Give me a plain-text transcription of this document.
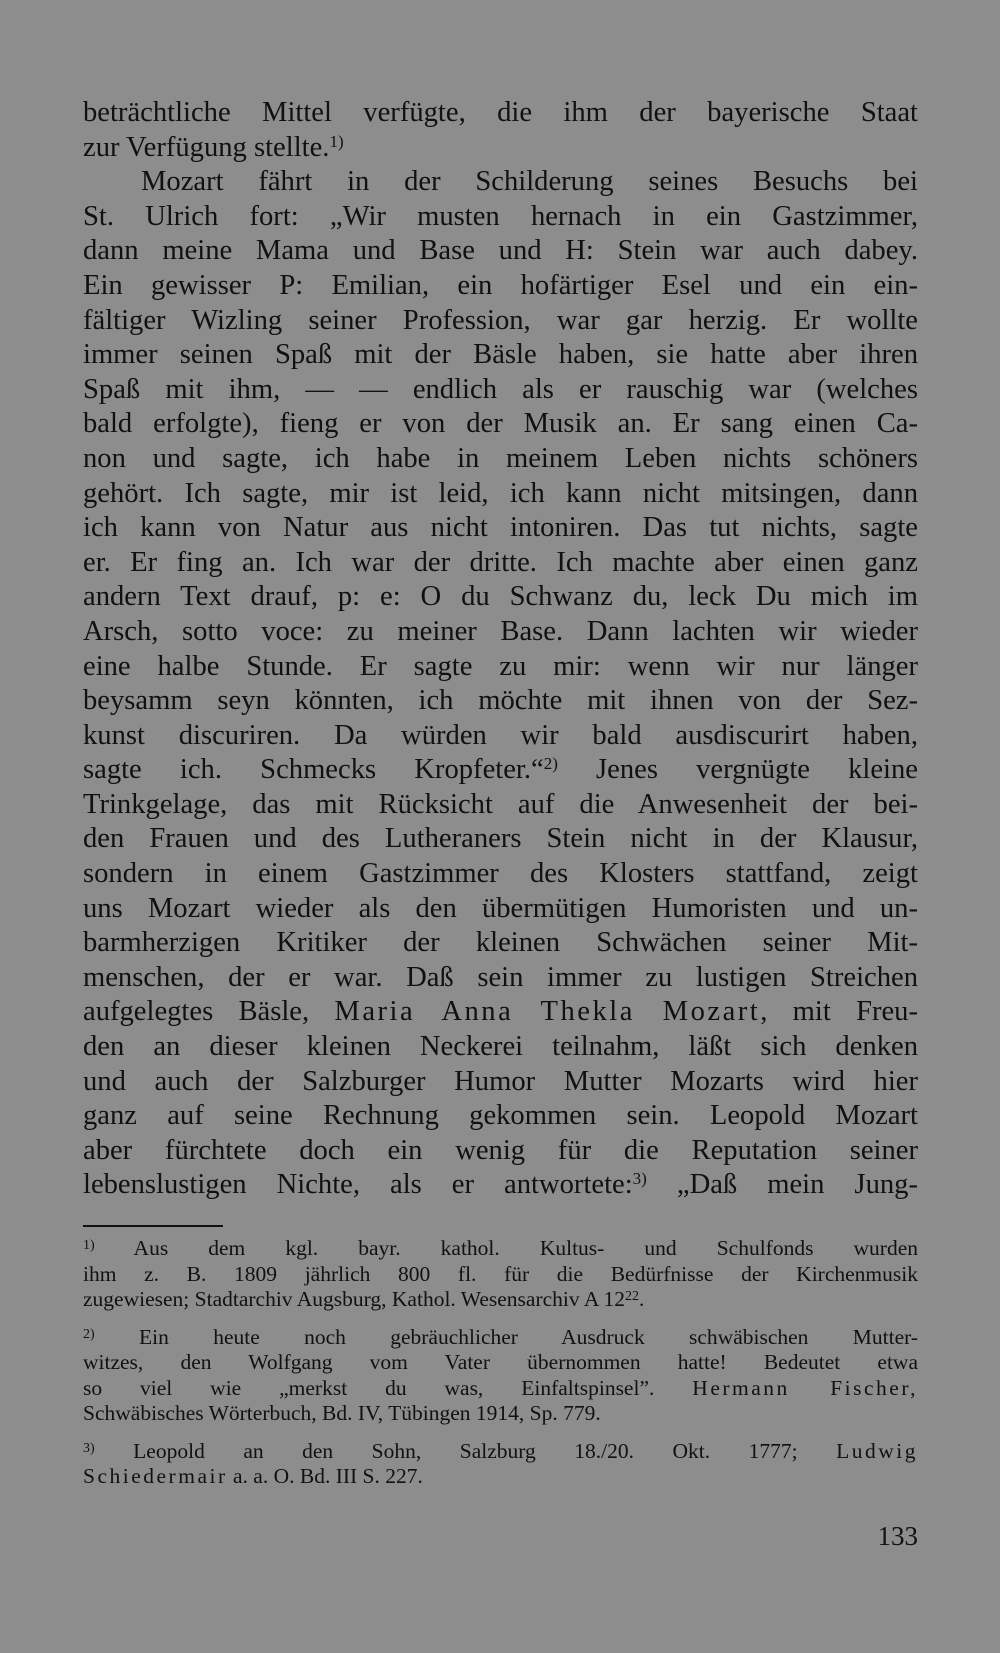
beträchtliche Mittel verfügte, die ihm der bayerische Staat
zur Verfügung stellte.$^{1)}$
Mozart fährt in der Schilderung seines Besuchs bei
St. Ulrich fort: „Wir musten hernach in ein Gastzimmer,
dann meine Mama und Base und H: Stein war auch dabey.
Ein gewisser P: Emilian, ein hofärtiger Esel und ein ein-
fältiger Wizling seiner Profession, war gar herzig. Er wollte
immer seinen Spaß mit der Bäsle haben, sie hatte aber ihren
Spaß mit ihm, — — endlich als er rauschig war (welches
bald erfolgte), fieng er von der Musik an. Er sang einen Ca-
non und sagte, ich habe in meinem Leben nichts schöners
gehört. Ich sagte, mir ist leid, ich kann nicht mitsingen, dann
ich kann von Natur aus nicht intoniren. Das tut nichts, sagte
er. Er fing an. Ich war der dritte. Ich machte aber einen ganz
andern Text drauf, p: e: O du Schwanz du, leck Du mich im
Arsch, sotto voce: zu meiner Base. Dann lachten wir wieder
eine halbe Stunde. Er sagte zu mir: wenn wir nur länger
beysamm seyn könnten, ich möchte mit ihnen von der Sez-
kunst discuriren. Da würden wir bald ausdiscurirt haben,
sagte ich. Schmecks Kropfeter.“$^{2)}$ Jenes vergnügte kleine
Trinkgelage, das mit Rücksicht auf die Anwesenheit der bei-
den Frauen und des Lutheraners Stein nicht in der Klausur,
sondern in einem Gastzimmer des Klosters stattfand, zeigt
uns Mozart wieder als den übermütigen Humoristen und un-
barmherzigen Kritiker der kleinen Schwächen seiner Mit-
menschen, der er war. Daß sein immer zu lustigen Streichen
aufgelegtes Bäsle, Maria Anna Thekla Mozart, mit Freu-
den an dieser kleinen Neckerei teilnahm, läßt sich denken
und auch der Salzburger Humor Mutter Mozarts wird hier
ganz auf seine Rechnung gekommen sein. Leopold Mozart
aber fürchtete doch ein wenig für die Reputation seiner
lebenslustigen Nichte, als er antwortete:$^{3)}$ „Daß mein Jung-
$^{1)}$ Aus dem kgl. bayr. kathol. Kultus- und Schulfonds wurden
ihm z. B. 1809 jährlich 800 fl. für die Bedürfnisse der Kirchenmusik
zugewiesen; Stadtarchiv Augsburg, Kathol. Wesensarchiv A 12$^{22}$.
$^{2)}$ Ein heute noch gebräuchlicher Ausdruck schwäbischen Mutter-
witzes, den Wolfgang vom Vater übernommen hatte! Bedeutet etwa
so viel wie „merkst du was, Einfaltspinsel”. Hermann Fischer,
Schwäbisches Wörterbuch, Bd. IV, Tübingen 1914, Sp. 779.
$^{3)}$ Leopold an den Sohn, Salzburg 18./20. Okt. 1777; Ludwig
Schiedermair a. a. O. Bd. III S. 227.
133
